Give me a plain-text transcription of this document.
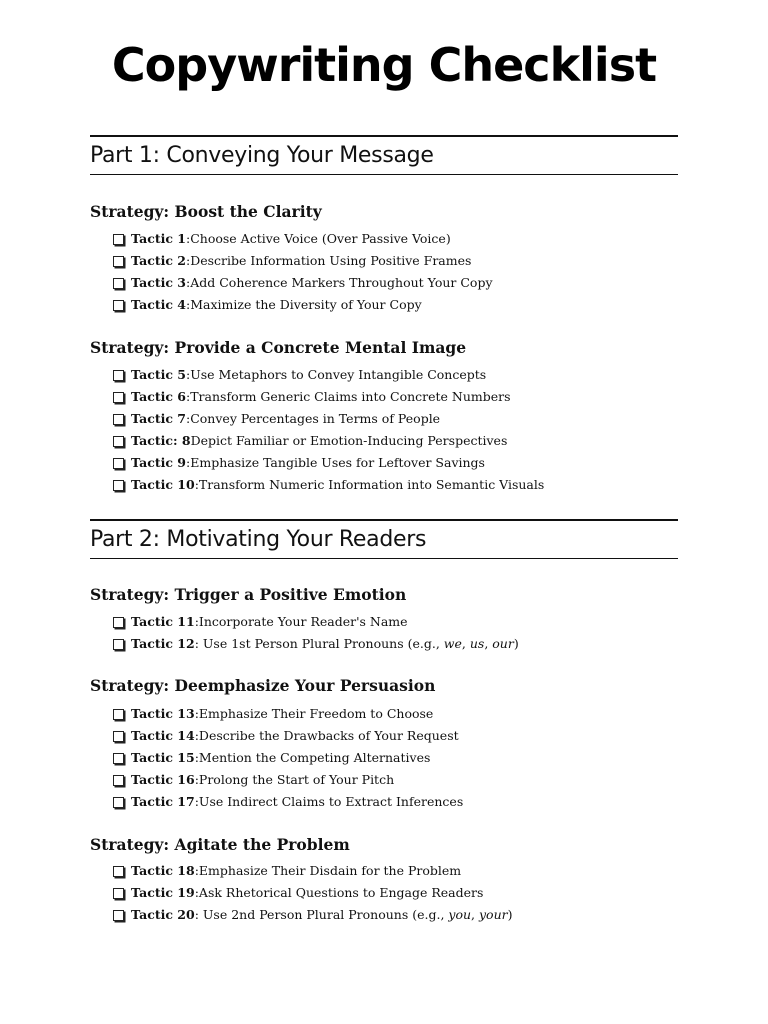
Copywriting Checklist
Part 1: Conveying Your Message
Strategy: Boost the Clarity
Tactic 1 : Choose Active Voice (Over Passive Voice)
Tactic 2 : Describe Information Using Positive Frames
Tactic 3 : Add Coherence Markers Throughout Your Copy
Tactic 4 : Maximize the Diversity of Your Copy
Strategy: Provide a Concrete Mental Image
Tactic 5 : Use Metaphors to Convey Intangible Concepts
Tactic 6 : Transform Generic Claims into Concrete Numbers
Tactic 7 : Convey Percentages in Terms of People
Tactic: 8 Depict Familiar or Emotion-Inducing Perspectives
Tactic 9 : Emphasize Tangible Uses for Leftover Savings
Tactic 10 : Transform Numeric Information into Semantic Visuals
Part 2: Motivating Your Readers
Strategy: Trigger a Positive Emotion
Tactic 11 : Incorporate Your Reader's Name
Tactic 12 : Use 1st Person Plural Pronouns (e.g., we , us , our )
Strategy: Deemphasize Your Persuasion
Tactic 13 : Emphasize Their Freedom to Choose
Tactic 14 : Describe the Drawbacks of Your Request
Tactic 15 : Mention the Competing Alternatives
Tactic 16 : Prolong the Start of Your Pitch
Tactic 17 : Use Indirect Claims to Extract Inferences
Strategy: Agitate the Problem
Tactic 18 : Emphasize Their Disdain for the Problem
Tactic 19 : Ask Rhetorical Questions to Engage Readers
Tactic 20 : Use 2nd Person Plural Pronouns (e.g., you , your )
